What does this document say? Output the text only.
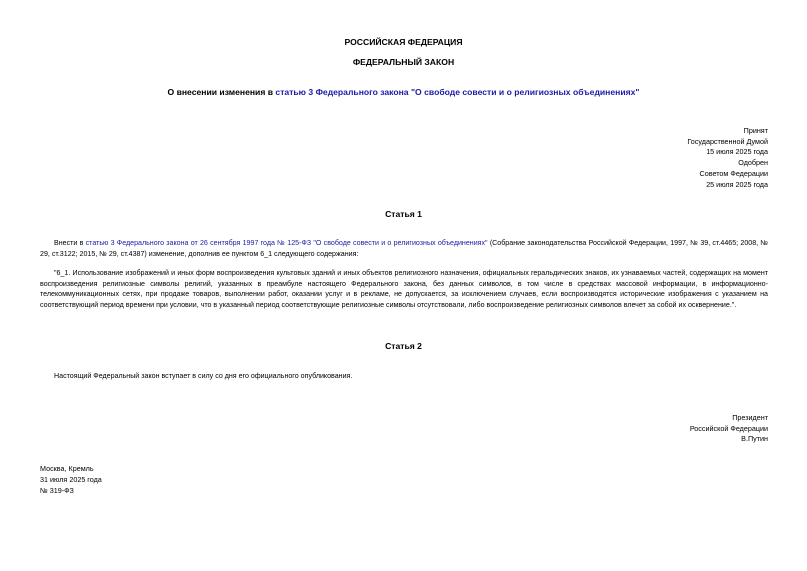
РОССИЙСКАЯ ФЕДЕРАЦИЯ
ФЕДЕРАЛЬНЫЙ ЗАКОН
О внесении изменения в статью 3 Федерального закона "О свободе совести и о религиозных объединениях"
Принят
Государственной Думой
15 июля 2025 года
Одобрен
Советом Федерации
25 июля 2025 года
Статья 1
Внести в статью 3 Федерального закона от 26 сентября 1997 года № 125-ФЗ "О свободе совести и о религиозных объединениях" (Собрание законодательства Российской Федерации, 1997, № 39, ст.4465; 2008, № 29, ст.3122; 2015, № 29, ст.4387) изменение, дополнив ее пунктом 6_1 следующего содержания:
"6_1. Использование изображений и иных форм воспроизведения культовых зданий и иных объектов религиозного назначения, официальных геральдических знаков, их узнаваемых частей, содержащих на момент воспроизведения религиозные символы религий, указанных в преамбуле настоящего Федерального закона, без данных символов, в том числе в средствах массовой информации, в информационно-телекоммуникационных сетях, при продаже товаров, выполнении работ, оказании услуг и в рекламе, не допускается, за исключением случаев, если воспроизводятся исторические изображения с указанием на соответствующий период времени при условии, что в указанный период соответствующие религиозные символы отсутствовали, либо воспроизведение религиозных символов влечет за собой их осквернение.".
Статья 2
Настоящий Федеральный закон вступает в силу со дня его официального опубликования.
Президент
Российской Федерации
В.Путин
Москва, Кремль
31 июля 2025 года
№ 319-ФЗ
